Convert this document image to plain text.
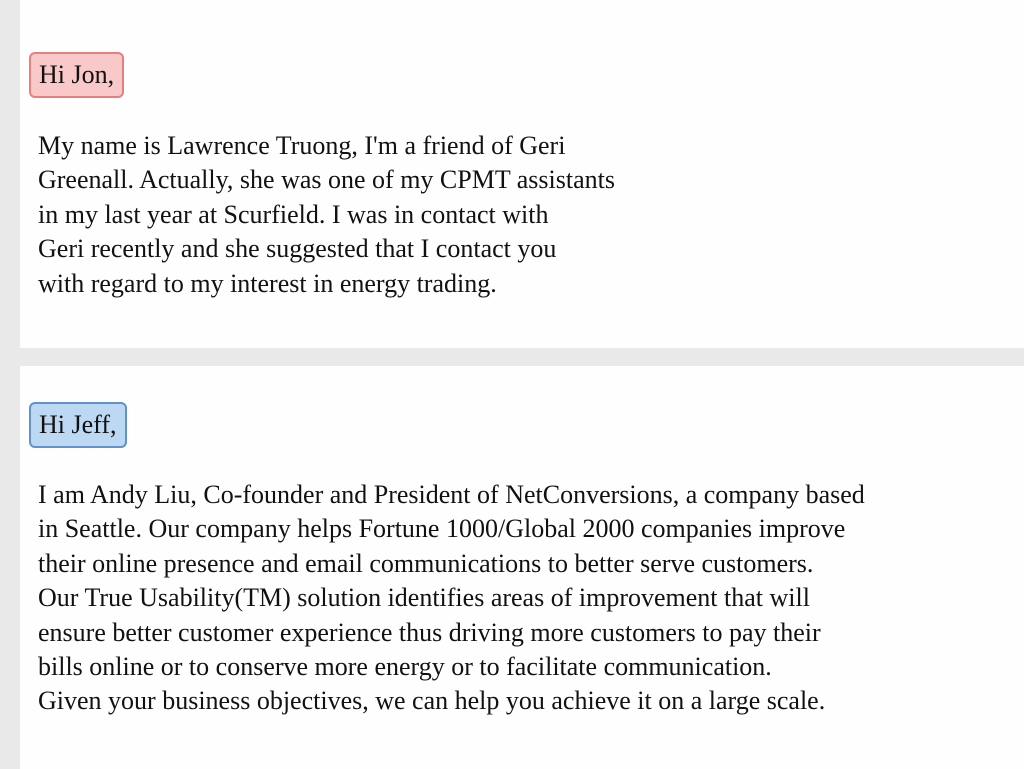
Hi Jon,
My name is Lawrence Truong, I'm a friend of Geri
Greenall. Actually, she was one of my CPMT assistants
in my last year at Scurfield. I was in contact with
Geri recently and she suggested that I contact you
with regard to my interest in energy trading.
Hi Jeff,
I am Andy Liu, Co-founder and President of NetConversions, a company based
in Seattle. Our company helps Fortune 1000/Global 2000 companies improve
their online presence and email communications to better serve customers.
Our True Usability(TM) solution identifies areas of improvement that will
ensure better customer experience thus driving more customers to pay their
bills online or to conserve more energy or to facilitate communication.
Given your business objectives, we can help you achieve it on a large scale.
